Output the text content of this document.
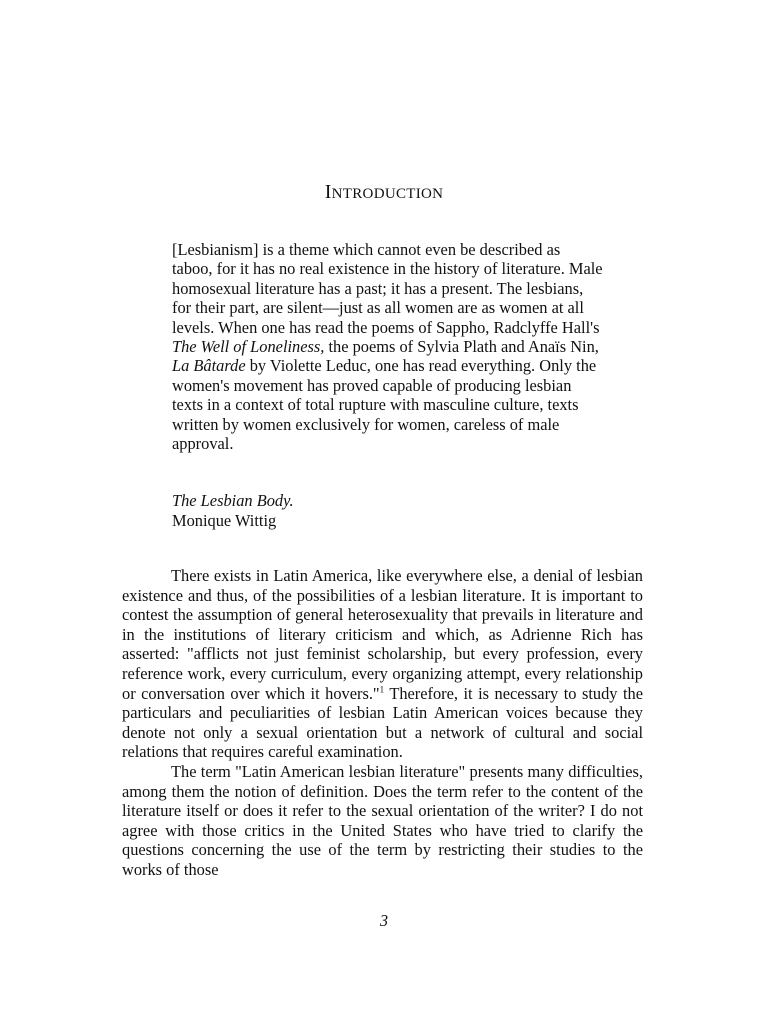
INTRODUCTION

[Lesbianism] is a theme which cannot even be described as taboo, for it has no real existence in the history of literature. Male homosexual literature has a past; it has a present. The lesbians, for their part, are silent—just as all women are as women at all levels. When one has read the poems of Sappho, Radclyffe Hall's The Well of Loneliness, the poems of Sylvia Plath and Anaïs Nin, La Bâtarde by Violette Leduc, one has read everything. Only the women's movement has proved capable of producing lesbian texts in a context of total rupture with masculine culture, texts written by women exclusively for women, careless of male approval.

The Lesbian Body.
Monique Wittig

There exists in Latin America, like everywhere else, a denial of lesbian existence and thus, of the possibilities of a lesbian literature. It is important to contest the assumption of general heterosexuality that prevails in literature and in the institutions of literary criticism and which, as Adrienne Rich has asserted: "afflicts not just feminist scholarship, but every profession, every reference work, every curriculum, every organizing attempt, every relationship or conversation over which it hovers."$^1$ Therefore, it is necessary to study the particulars and peculiarities of lesbian Latin American voices because they denote not only a sexual orientation but a network of cultural and social relations that requires careful examination.

The term "Latin American lesbian literature" presents many difficulties, among them the notion of definition. Does the term refer to the content of the literature itself or does it refer to the sexual orientation of the writer? I do not agree with those critics in the United States who have tried to clarify the questions concerning the use of the term by restricting their studies to the works of those

3
